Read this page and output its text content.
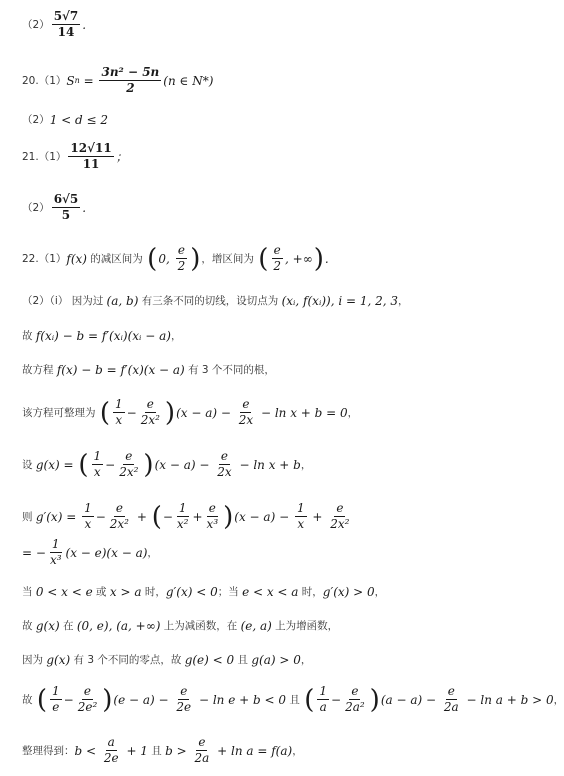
$(2) \frac{5√7}{14}$ .
20. （1） S $n = \frac{\text{3n² − 5n}}{2} (n$ ∈ N*)
（2） 1 < d ≤ 2
21. $(1) \frac{12√11}{11}$ ；
$(2) \frac{6√5}{5}$ .
22. （1） f(x) 的减区间为 ( 0, $\frac{e}{2}$ ) ，增区间为 ( $\frac{e}{2}$ , +∞ ) .
（2）（ⅰ） 因为过 (a, b) 有三条不同的切线，设切点为 (xᵢ, f(xᵢ)), i = 1, 2, 3 ，
故 f(xᵢ) − b = f′(xᵢ)(xᵢ − a) ，
故方程 f(x) − b = f′(x)(x − a) 有 3 个不同的根，
该方程可整理为 ( $\frac{1}{x} - \frac{e}{\text{2x²}}$ ) $(x - a) - \frac{e}{2x} - \ln x + b = 0$ ，
设 g(x) = ( $\frac{1}{x} - \frac{e}{\text{2x²}}$ ) $(x - a) - \frac{e}{2x} - \ln x + b$ ，
则 $g'(x) = \frac{1}{x} - \frac{e}{\text{2x²}}$ + ( − $\frac{1}{\text{x²}} + \frac{e}{\text{x³}}$ ) $(x - a) - \frac{1}{x} + \frac{e}{\text{2x²}}$
= − $\frac{1}{\text{x³}} (x - e)(x - a)$ ，
当 0 < x < e 或 x > a 时， g′(x) < 0 ；当 e < x < a 时， g′(x) > 0 ，
故 g(x) 在 (0, e), (a, +∞) 上为减函数，在 (e, a) 上为增函数，
因为 g(x) 有 3 个不同的零点，故 g(e) < 0 且 g(a) > 0 ，
故 ( $\frac{1}{e} - \frac{e}{\text{2e²}}$ ) $(e - a) - \frac{e}{2e} - \ln e + b < 0$ 且 ( $\frac{1}{a} - \frac{e}{\text{2a²}}$ ) $(a - a) - \frac{e}{2a} - \ln a + b > 0$ ，
整理得到： $b < \frac{a}{2e} + 1$ 且 $b > \frac{e}{2a} + \ln a = f(a)$ ，
